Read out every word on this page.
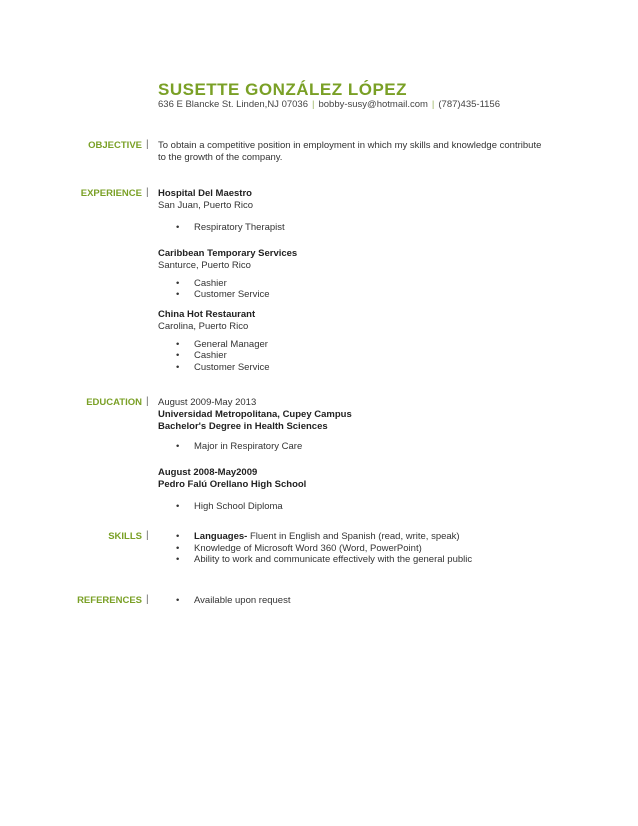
SUSETTE GONZÁLEZ LÓPEZ
636 E Blancke St. Linden,NJ 07036 | bobby-susy@hotmail.com | (787)435-1156
OBJECTIVE | To obtain a competitive position in employment in which my skills and knowledge contribute
to the growth of the company.
EXPERIENCE | Hospital Del Maestro
San Juan, Puerto Rico
• Respiratory Therapist
Caribbean Temporary Services
Santurce, Puerto Rico
• Cashier
• Customer Service
China Hot Restaurant
Carolina, Puerto Rico
• General Manager
• Cashier
• Customer Service
EDUCATION | August 2009-May 2013
Universidad Metropolitana, Cupey Campus
Bachelor's Degree in Health Sciences
• Major in Respiratory Care
August 2008-May2009
Pedro Falú Orellano High School
• High School Diploma
SKILLS |	• Languages- Fluent in English and Spanish (read, write, speak)
• Knowledge of Microsoft Word 360 (Word, PowerPoint)
• Ability to work and communicate effectively with the general public
REFERENCES |	• Available upon request
